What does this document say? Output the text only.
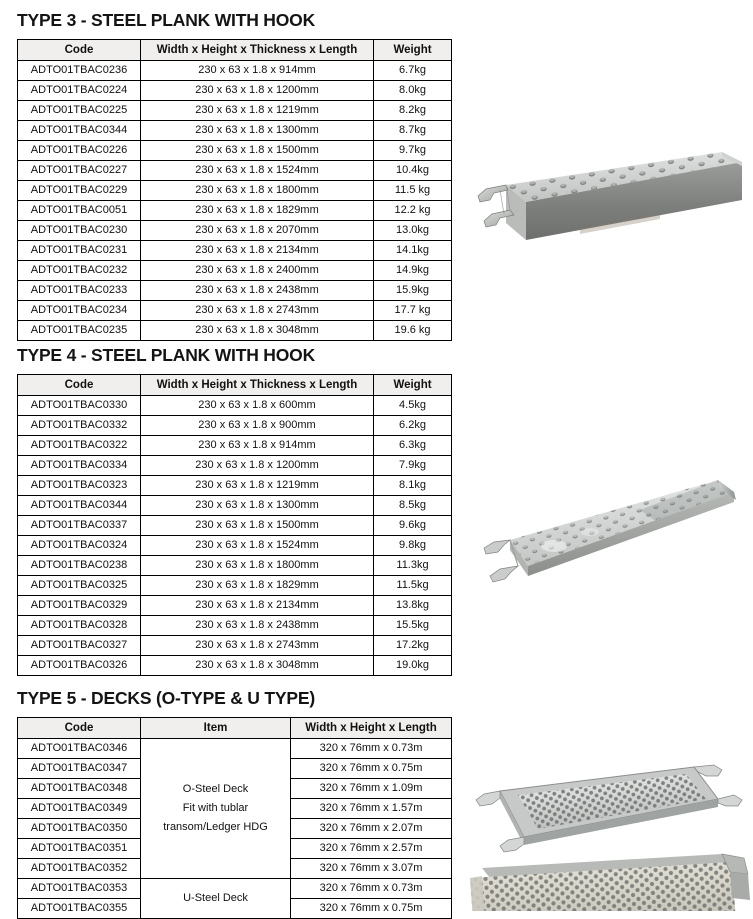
TYPE 3 - STEEL PLANK WITH HOOK
Code	Width x Height x Thickness x Length	Weight
ADTO01TBAC0236	230 x 63 x 1.8 x 914mm	6.7kg
ADTO01TBAC0224	230 x 63 x 1.8 x 1200mm	8.0kg
ADTO01TBAC0225	230 x 63 x 1.8 x 1219mm	8.2kg
ADTO01TBAC0344	230 x 63 x 1.8 x 1300mm	8.7kg
ADTO01TBAC0226	230 x 63 x 1.8 x 1500mm	9.7kg
ADTO01TBAC0227	230 x 63 x 1.8 x 1524mm	10.4kg
ADTO01TBAC0229	230 x 63 x 1.8 x 1800mm	11.5 kg
ADTO01TBAC0051	230 x 63 x 1.8 x 1829mm	12.2 kg
ADTO01TBAC0230	230 x 63 x 1.8 x 2070mm	13.0kg
ADTO01TBAC0231	230 x 63 x 1.8 x 2134mm	14.1kg
ADTO01TBAC0232	230 x 63 x 1.8 x 2400mm	14.9kg
ADTO01TBAC0233	230 x 63 x 1.8 x 2438mm	15.9kg
ADTO01TBAC0234	230 x 63 x 1.8 x 2743mm	17.7 kg
ADTO01TBAC0235	230 x 63 x 1.8 x 3048mm	19.6 kg
TYPE 4 - STEEL PLANK WITH HOOK
Code	Width x Height x Thickness x Length	Weight
ADTO01TBAC0330	230 x 63 x 1.8 x 600mm	4.5kg
ADTO01TBAC0332	230 x 63 x 1.8 x 900mm	6.2kg
ADTO01TBAC0322	230 x 63 x 1.8 x 914mm	6.3kg
ADTO01TBAC0334	230 x 63 x 1.8 x 1200mm	7.9kg
ADTO01TBAC0323	230 x 63 x 1.8 x 1219mm	8.1kg
ADTO01TBAC0344	230 x 63 x 1.8 x 1300mm	8.5kg
ADTO01TBAC0337	230 x 63 x 1.8 x 1500mm	9.6kg
ADTO01TBAC0324	230 x 63 x 1.8 x 1524mm	9.8kg
ADTO01TBAC0238	230 x 63 x 1.8 x 1800mm	11.3kg
ADTO01TBAC0325	230 x 63 x 1.8 x 1829mm	11.5kg
ADTO01TBAC0329	230 x 63 x 1.8 x 2134mm	13.8kg
ADTO01TBAC0328	230 x 63 x 1.8 x 2438mm	15.5kg
ADTO01TBAC0327	230 x 63 x 1.8 x 2743mm	17.2kg
ADTO01TBAC0326	230 x 63 x 1.8 x 3048mm	19.0kg
TYPE 5 - DECKS (O-TYPE & U TYPE)
Code	Item	Width x Height x Length
ADTO01TBAC0346	O-Steel Deck
Fit with tublar
transom/Ledger HDG	320 x 76mm x 0.73m
ADTO01TBAC0347		320 x 76mm x 0.75m
ADTO01TBAC0348		320 x 76mm x 1.09m
ADTO01TBAC0349		320 x 76mm x 1.57m
ADTO01TBAC0350		320 x 76mm x 2.07m
ADTO01TBAC0351		320 x 76mm x 2.57m
ADTO01TBAC0352		320 x 76mm x 3.07m
ADTO01TBAC0353	U-Steel Deck	320 x 76mm x 0.73m
ADTO01TBAC0355		320 x 76mm x 0.75m
